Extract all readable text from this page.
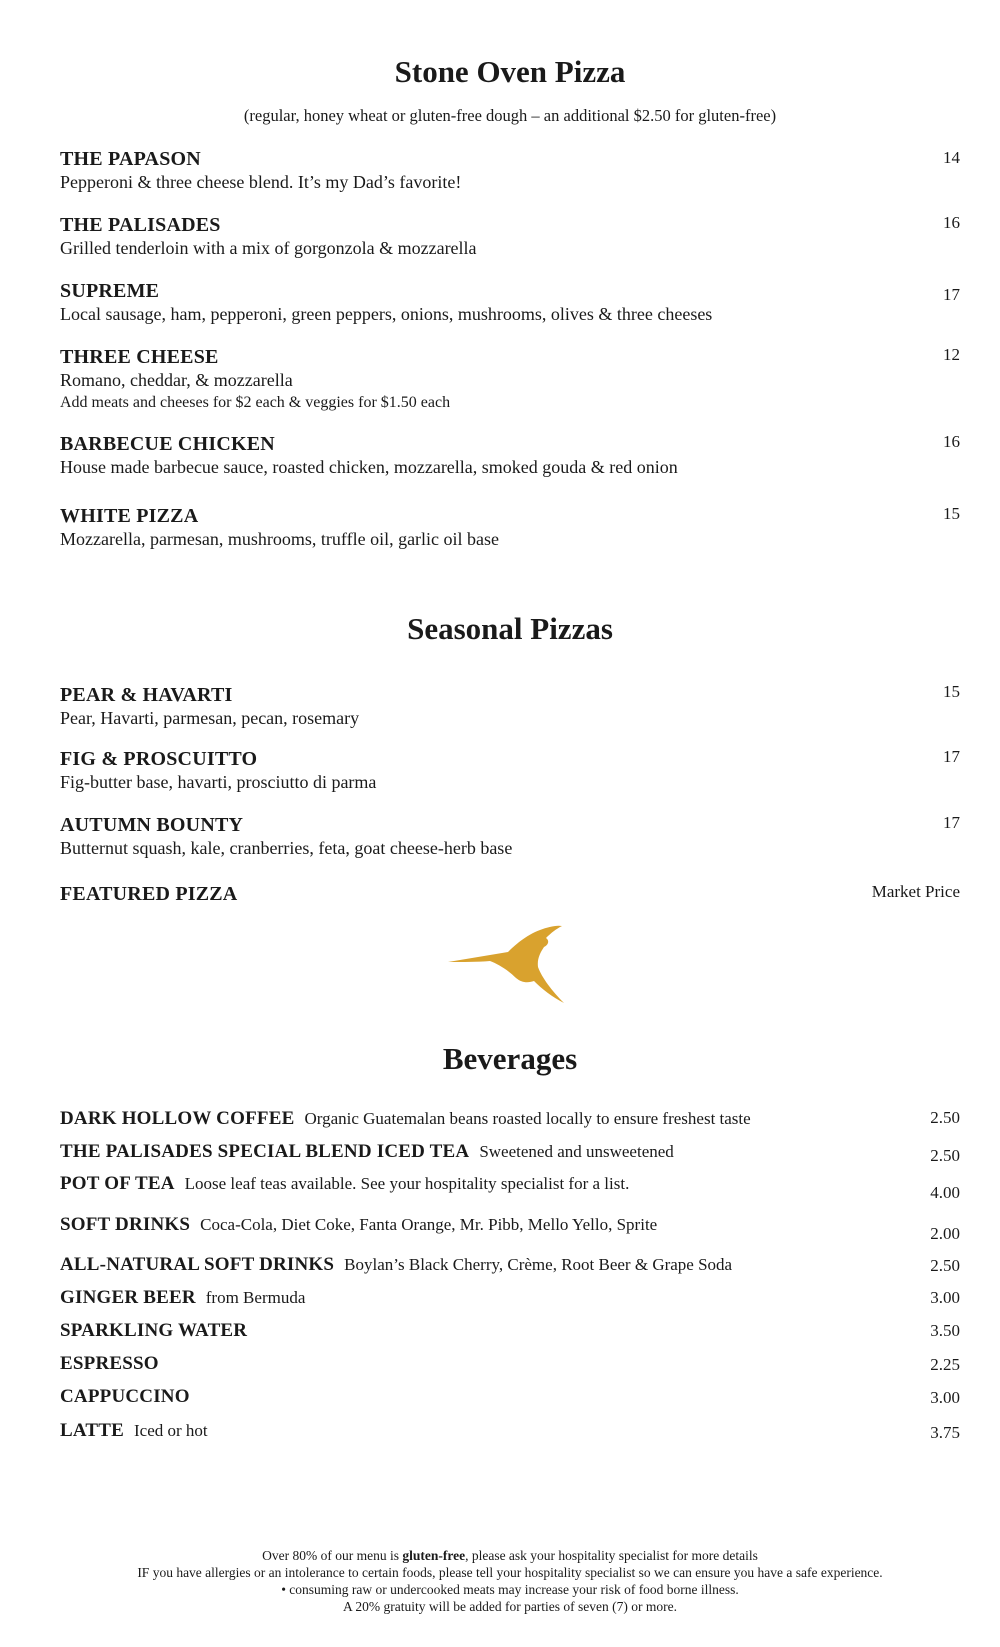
Stone Oven Pizza

(regular, honey wheat or gluten-free dough – an additional $2.50 for gluten-free)

THE PAPASON
Pepperoni & three cheese blend. It’s my Dad’s favorite!
14
THE PALISADES
Grilled tenderloin with a mix of gorgonzola & mozzarella
16
SUPREME
Local sausage, ham, pepperoni, green peppers, onions, mushrooms, olives & three cheeses
17
THREE CHEESE
Romano, cheddar, & mozzarella
Add meats and cheeses for $2 each & veggies for $1.50 each
12
BARBECUE CHICKEN
House made barbecue sauce, roasted chicken, mozzarella, smoked gouda & red onion
16
WHITE PIZZA
Mozzarella, parmesan, mushrooms, truffle oil, garlic oil base
15
Seasonal Pizzas
PEAR & HAVARTI
Pear, Havarti, parmesan, pecan, rosemary
15
FIG & PROSCUITTO
Fig-butter base, havarti, prosciutto di parma
17
AUTUMN BOUNTY
Butternut squash, kale, cranberries, feta, goat cheese-herb base
17
FEATURED PIZZA	Market Price
Beverages
DARK HOLLOW COFFEE Organic Guatemalan beans roasted locally to ensure freshest taste	2.50
THE PALISADES SPECIAL BLEND ICED TEA Sweetened and unsweetened	2.50
POT OF TEA Loose leaf teas available. See your hospitality specialist for a list.	4.00
SOFT DRINKS Coca-Cola, Diet Coke, Fanta Orange, Mr. Pibb, Mello Yello, Sprite	2.00
ALL-NATURAL SOFT DRINKS Boylan’s Black Cherry, Crème, Root Beer & Grape Soda	2.50
GINGER BEER from Bermuda	3.00
SPARKLING WATER	3.50
ESPRESSO	2.25
CAPPUCCINO	3.00
LATTE Iced or hot	3.75
Over 80% of our menu is gluten-free, please ask your hospitality specialist for more details
IF you have allergies or an intolerance to certain foods, please tell your hospitality specialist so we can ensure you have a safe experience.
• consuming raw or undercooked meats may increase your risk of food borne illness.
A 20% gratuity will be added for parties of seven (7) or more.
